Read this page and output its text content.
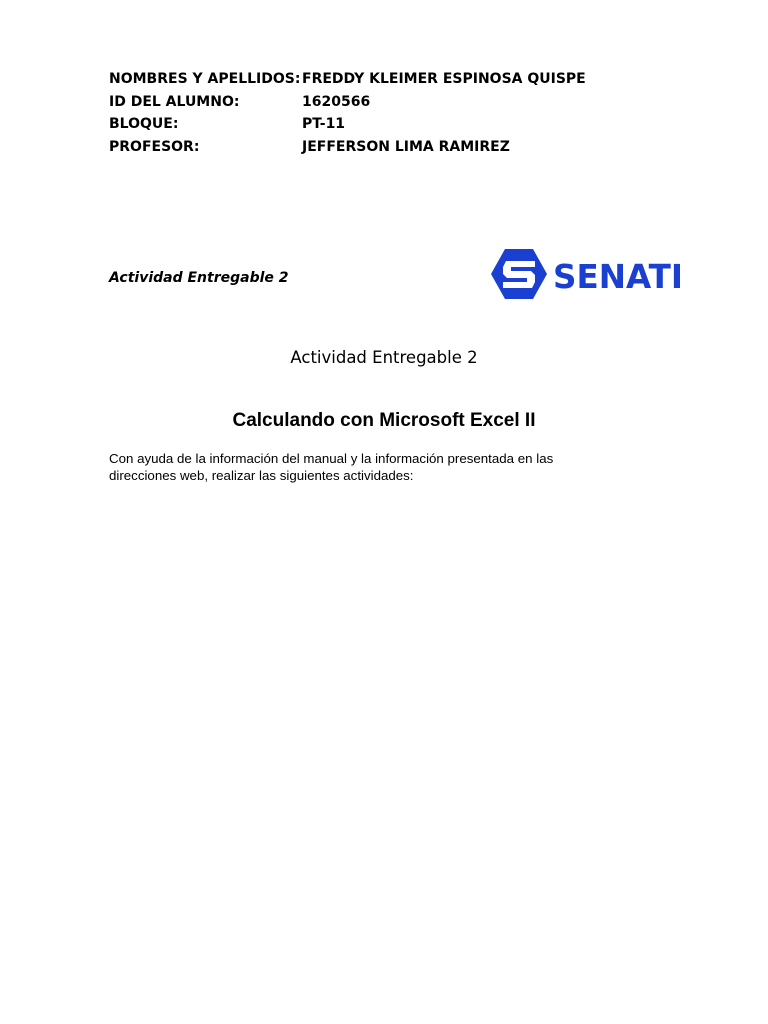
NOMBRES Y APELLIDOS: FREDDY KLEIMER ESPINOSA QUISPE
ID DEL ALUMNO:	1620566
BLOQUE:	PT-11
PROFESOR:	JEFFERSON LIMA RAMIREZ
Actividad Entregable 2	SENATI
Actividad Entregable 2
Calculando con Microsoft Excel II
Con ayuda de la información del manual y la información presentada en las direcciones web, realizar las siguientes actividades:
